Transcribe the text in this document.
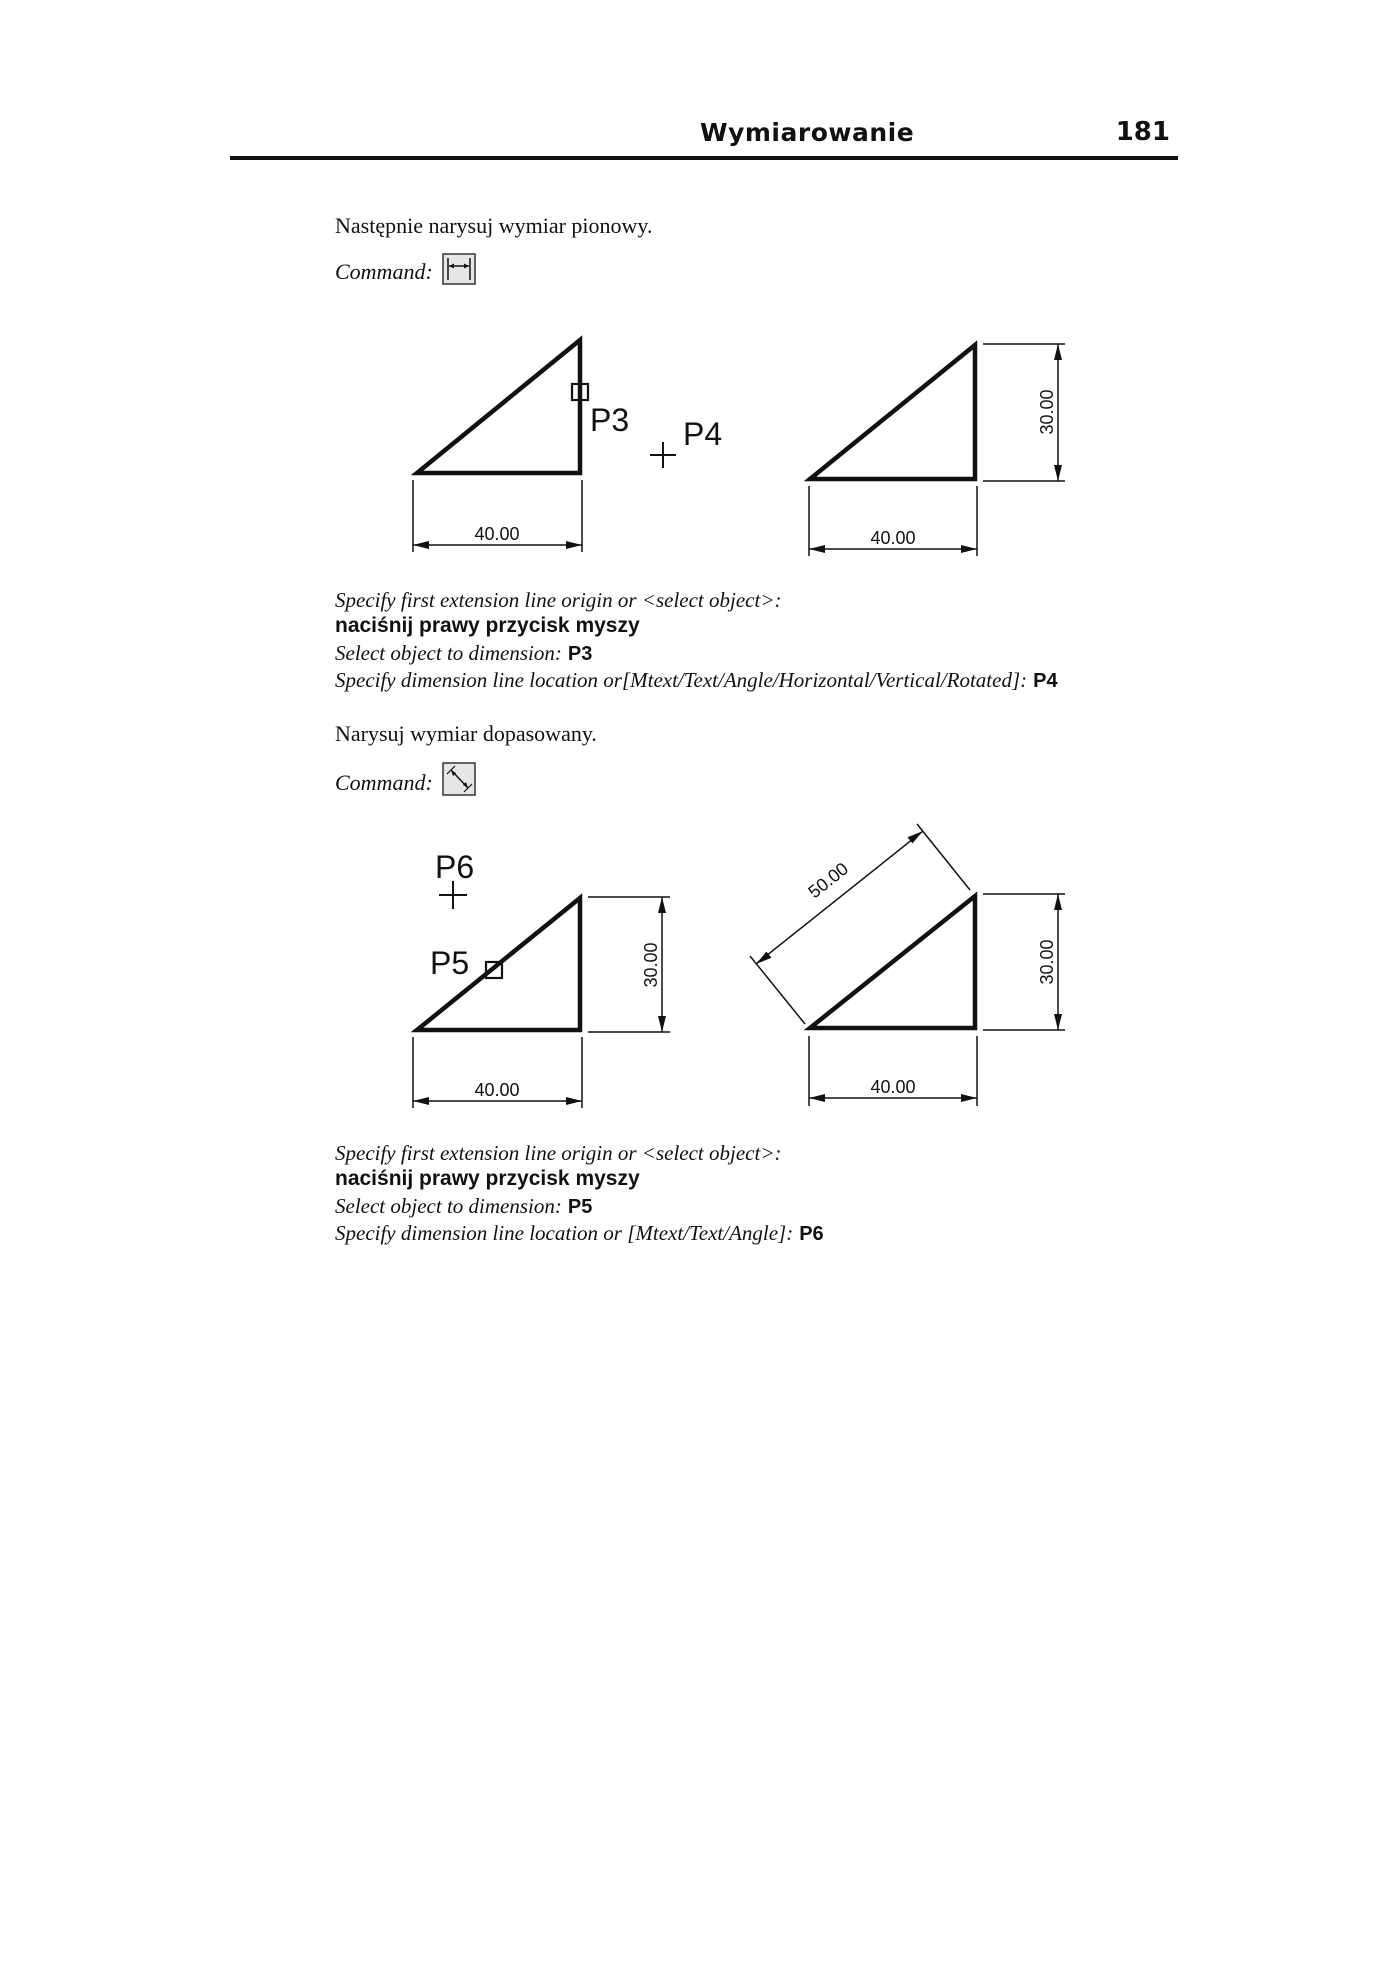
Wymiarowanie	181
Następnie narysuj wymiar pionowy.
Command:
40.00
P3 P4
40.00
30.00
Specify first extension line origin or <select object>:
naciśnij prawy przycisk myszy
Select object to dimension: P3
Specify dimension line location or[Mtext/Text/Angle/Horizontal/Vertical/Rotated]: P4
Narysuj wymiar dopasowany.
Command:
P6
P5
40.00
30.00
50.00
40.00
30.00
Specify first extension line origin or <select object>:
naciśnij prawy przycisk myszy
Select object to dimension: P5
Specify dimension line location or [Mtext/Text/Angle]: P6
